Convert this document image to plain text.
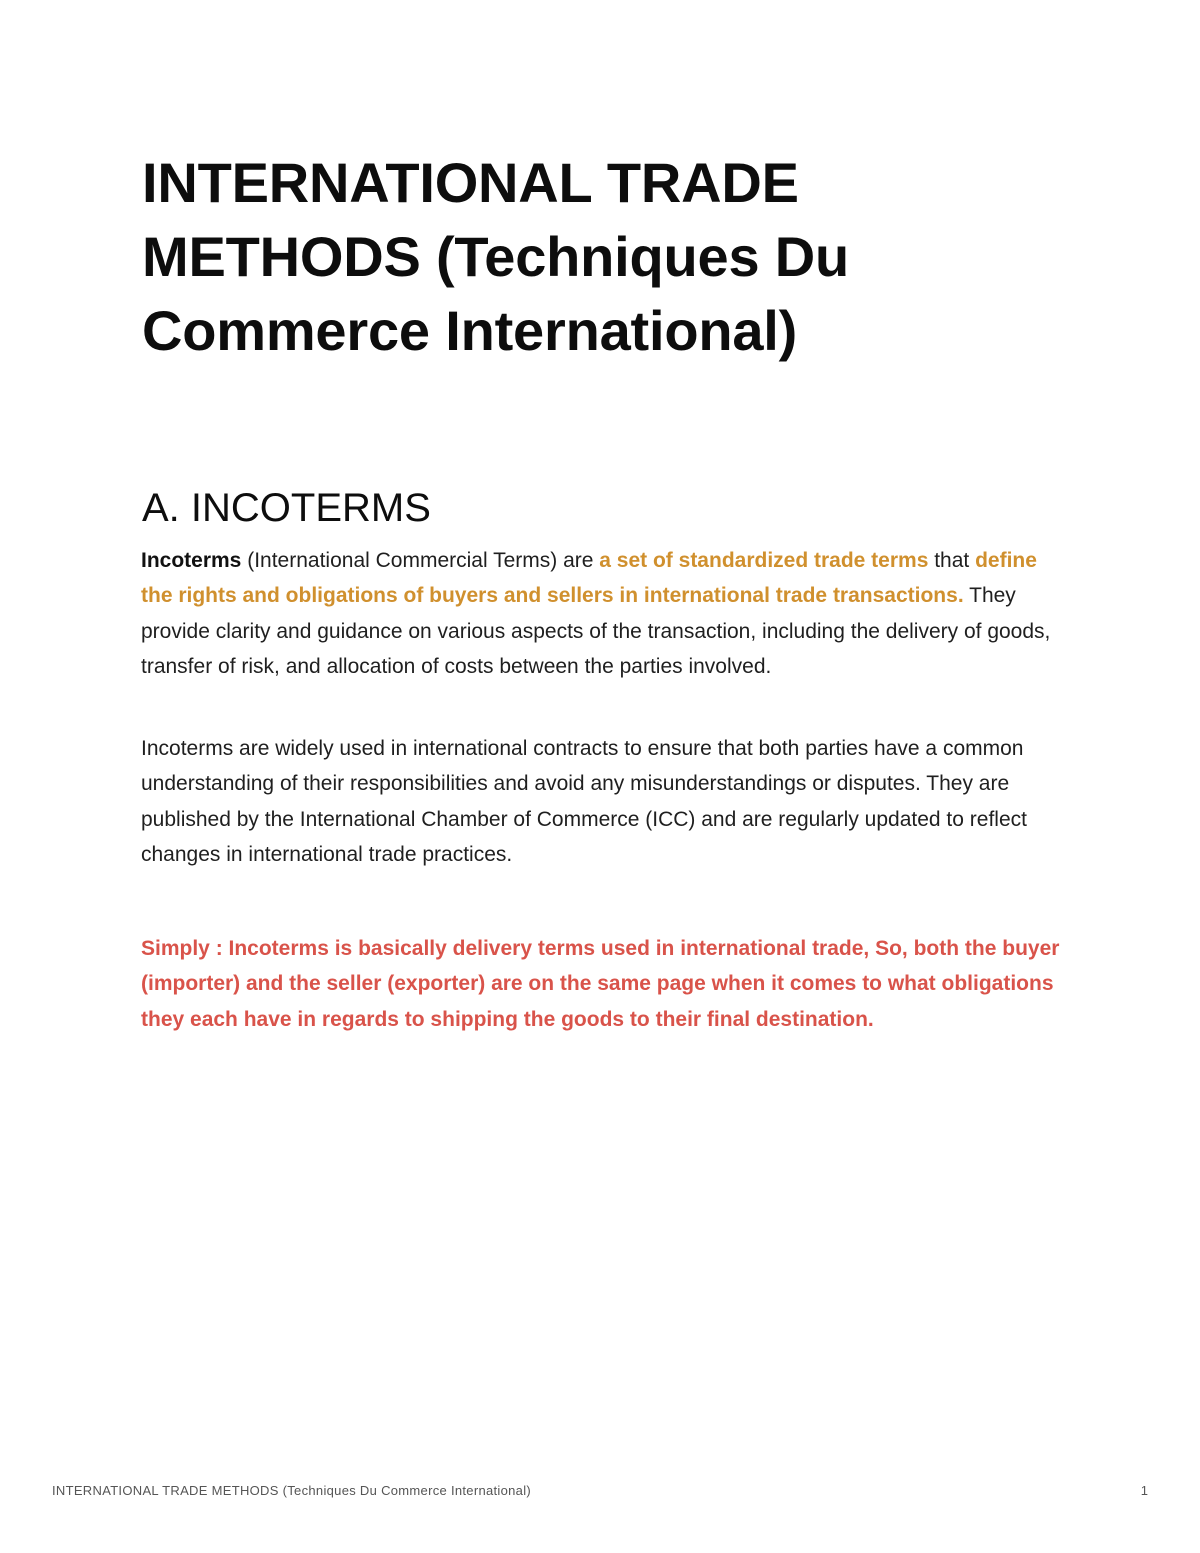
INTERNATIONAL TRADE METHODS (Techniques Du Commerce International)
A. INCOTERMS

Incoterms (International Commercial Terms) are a set of standardized trade terms that define the rights and obligations of buyers and sellers in international trade transactions. They provide clarity and guidance on various aspects of the transaction, including the delivery of goods, transfer of risk, and allocation of costs between the parties involved.

Incoterms are widely used in international contracts to ensure that both parties have a common understanding of their responsibilities and avoid any misunderstandings or disputes. They are published by the International Chamber of Commerce (ICC) and are regularly updated to reflect changes in international trade practices.

Simply : Incoterms is basically delivery terms used in international trade, So, both the buyer (importer) and the seller (exporter) are on the same page when it comes to what obligations they each have in regards to shipping the goods to their final destination.

INTERNATIONAL TRADE METHODS (Techniques Du Commerce International)	1
